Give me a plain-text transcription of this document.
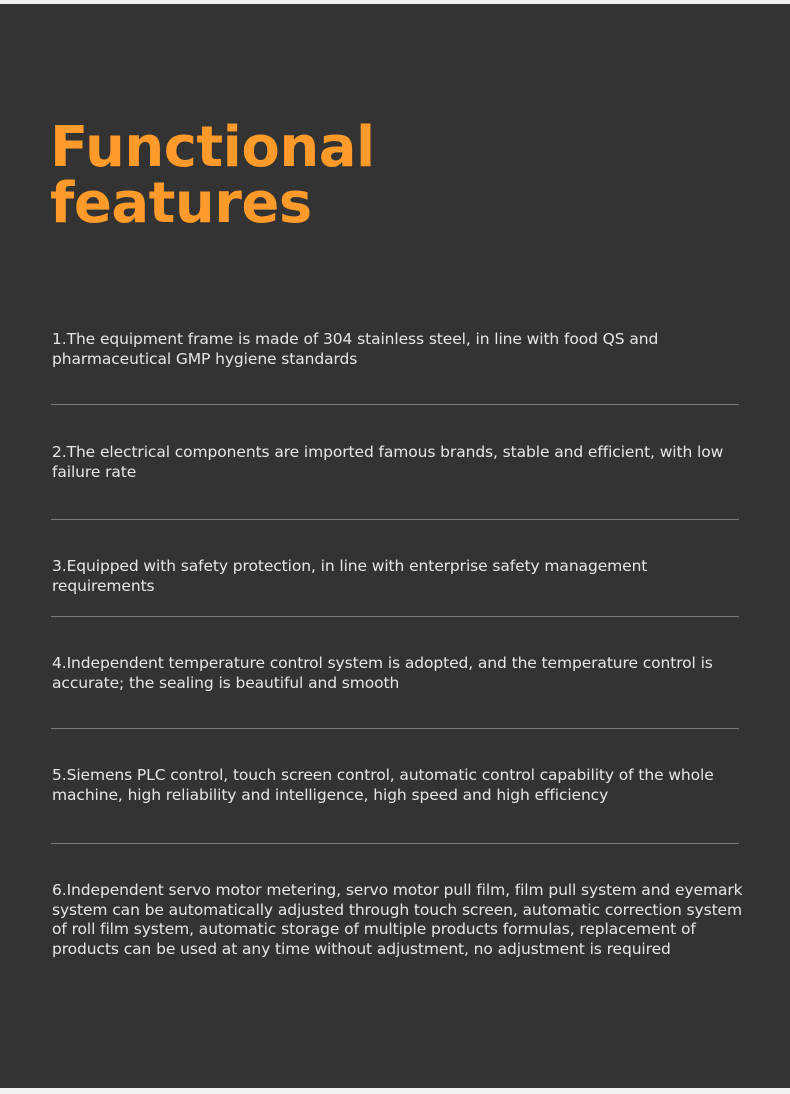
Functional
features

1.The equipment frame is made of 304 stainless steel, in line with food QS and pharmaceutical GMP hygiene standards

2.The electrical components are imported famous brands, stable and efficient, with low failure rate

3.Equipped with safety protection, in line with enterprise safety management requirements

4.Independent temperature control system is adopted, and the temperature control is accurate; the sealing is beautiful and smooth

5.Siemens PLC control, touch screen control, automatic control capability of the whole machine, high reliability and intelligence, high speed and high efficiency

6.Independent servo motor metering, servo motor pull film, film pull system and eyemark system can be automatically adjusted through touch screen, automatic correction system of roll film system, automatic storage of multiple products formulas, replacement of products can be used at any time without adjustment, no adjustment is required
